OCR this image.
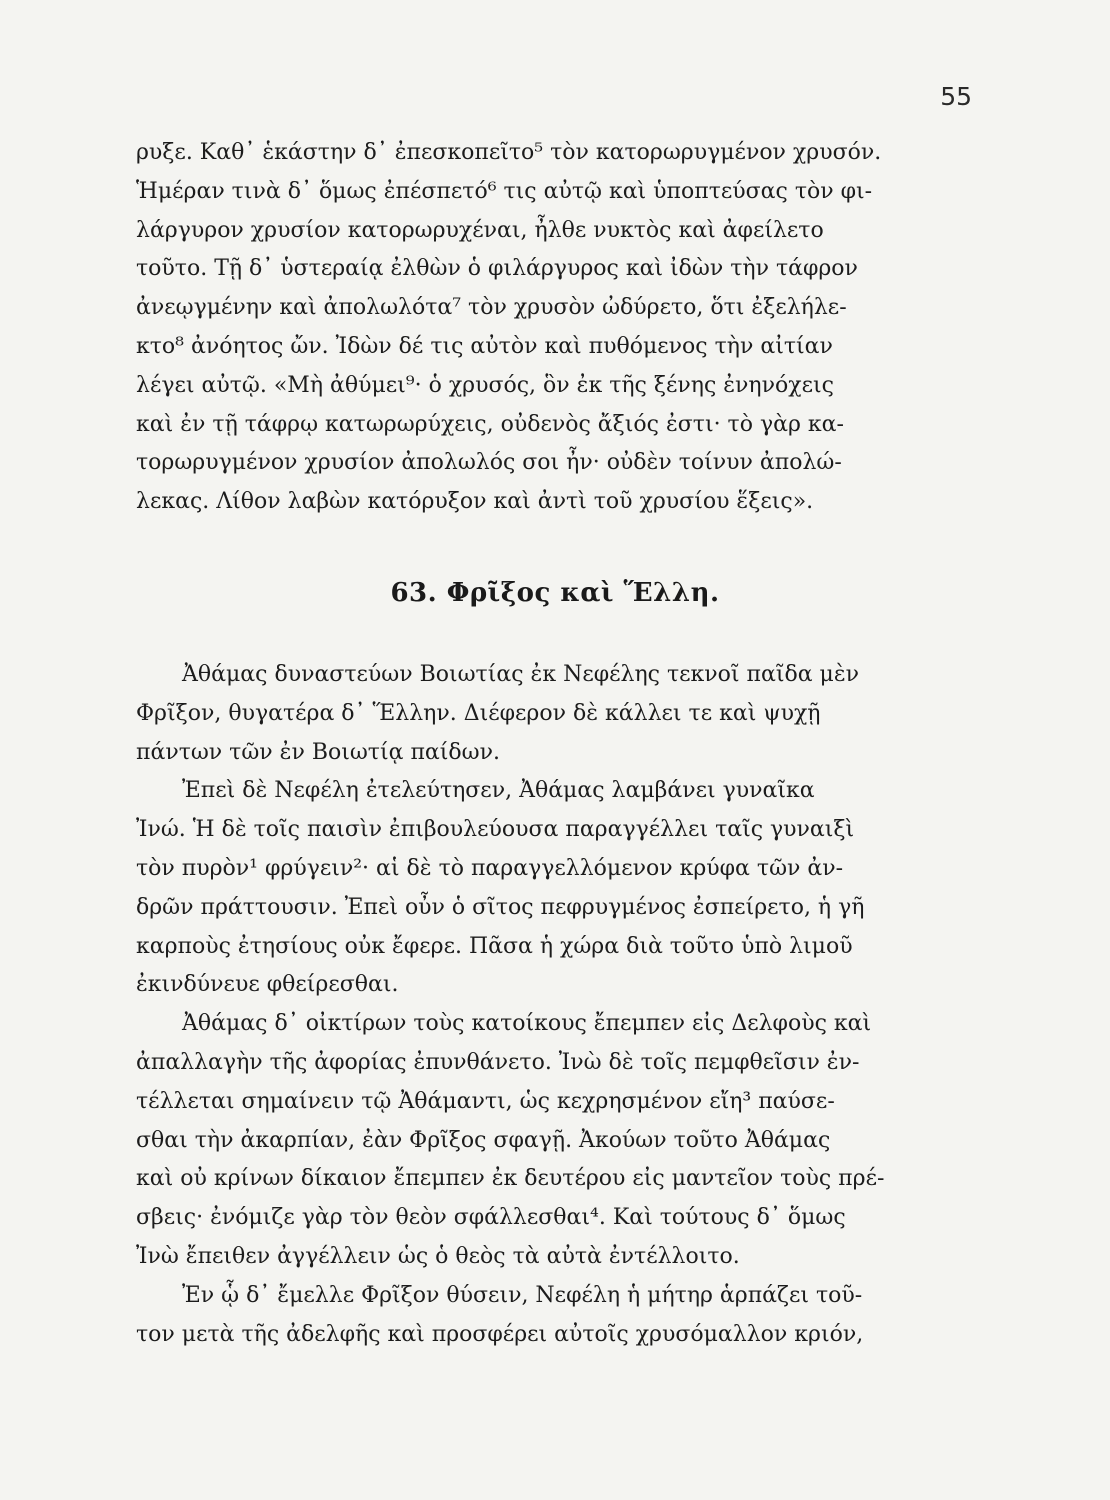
55
ρυξε. Καθ᾽ ἑκάστην δ᾽ ἐπεσκοπεῖτο⁵ τὸν κατορωρυγμένον χρυσόν.
Ἡμέραν τινὰ δ᾽ ὅμως ἐπέσπετό⁶ τις αὐτῷ καὶ ὑποπτεύσας τὸν φι-
λάργυρον χρυσίον κατορωρυχέναι, ἦλθε νυκτὸς καὶ ἀφείλετο
τοῦτο. Τῇ δ᾽ ὑστεραίᾳ ἐλθὼν ὁ φιλάργυρος καὶ ἰδὼν τὴν τάφρον
ἀνεῳγμένην καὶ ἀπολωλότα⁷ τὸν χρυσὸν ὠδύρετο, ὅτι ἐξελήλε-
κτο⁸ ἀνόητος ὤν. Ἰδὼν δέ τις αὐτὸν καὶ πυθόμενος τὴν αἰτίαν
λέγει αὐτῷ. «Μὴ ἀθύμει⁹· ὁ χρυσός, ὃν ἐκ τῆς ξένης ἐνηνόχεις
καὶ ἐν τῇ τάφρῳ κατωρωρύχεις, οὐδενὸς ἄξιός ἐστι· τὸ γὰρ κα-
τορωρυγμένον χρυσίον ἀπολωλός σοι ἦν· οὐδὲν τοίνυν ἀπολώ-
λεκας. Λίθον λαβὼν κατόρυξον καὶ ἀντὶ τοῦ χρυσίου ἕξεις».
63. Φρῖξος καὶ Ἕλλη.
Ἀθάμας δυναστεύων Βοιωτίας ἐκ Νεφέλης τεκνοῖ παῖδα μὲν
Φρῖξον, θυγατέρα δ᾽ Ἕλλην. Διέφερον δὲ κάλλει τε καὶ ψυχῇ
πάντων τῶν ἐν Βοιωτίᾳ παίδων.
Ἐπεὶ δὲ Νεφέλη ἐτελεύτησεν, Ἀθάμας λαμβάνει γυναῖκα
Ἰνώ. Ἡ δὲ τοῖς παισὶν ἐπιβουλεύουσα παραγγέλλει ταῖς γυναιξὶ
τὸν πυρὸν¹ φρύγειν²· αἱ δὲ τὸ παραγγελλόμενον κρύφα τῶν ἀν-
δρῶν πράττουσιν. Ἐπεὶ οὖν ὁ σῖτος πεφρυγμένος ἐσπείρετο, ἡ γῆ
καρποὺς ἐτησίους οὐκ ἔφερε. Πᾶσα ἡ χώρα διὰ τοῦτο ὑπὸ λιμοῦ
ἐκινδύνευε φθείρεσθαι.
Ἀθάμας δ᾽ οἰκτίρων τοὺς κατοίκους ἔπεμπεν εἰς Δελφοὺς καὶ
ἀπαλλαγὴν τῆς ἀφορίας ἐπυνθάνετο. Ἰνὼ δὲ τοῖς πεμφθεῖσιν ἐν-
τέλλεται σημαίνειν τῷ Ἀθάμαντι, ὡς κεχρησμένον εἴη³ παύσε-
σθαι τὴν ἀκαρπίαν, ἐὰν Φρῖξος σφαγῇ. Ἀκούων τοῦτο Ἀθάμας
καὶ οὐ κρίνων δίκαιον ἔπεμπεν ἐκ δευτέρου εἰς μαντεῖον τοὺς πρέ-
σβεις· ἐνόμιζε γὰρ τὸν θεὸν σφάλλεσθαι⁴. Καὶ τούτους δ᾽ ὅμως
Ἰνὼ ἔπειθεν ἀγγέλλειν ὡς ὁ θεὸς τὰ αὐτὰ ἐντέλλοιτο.
Ἐν ᾧ δ᾽ ἔμελλε Φρῖξον θύσειν, Νεφέλη ἡ μήτηρ ἁρπάζει τοῦ-
τον μετὰ τῆς ἀδελφῆς καὶ προσφέρει αὐτοῖς χρυσόμαλλον κριόν,
